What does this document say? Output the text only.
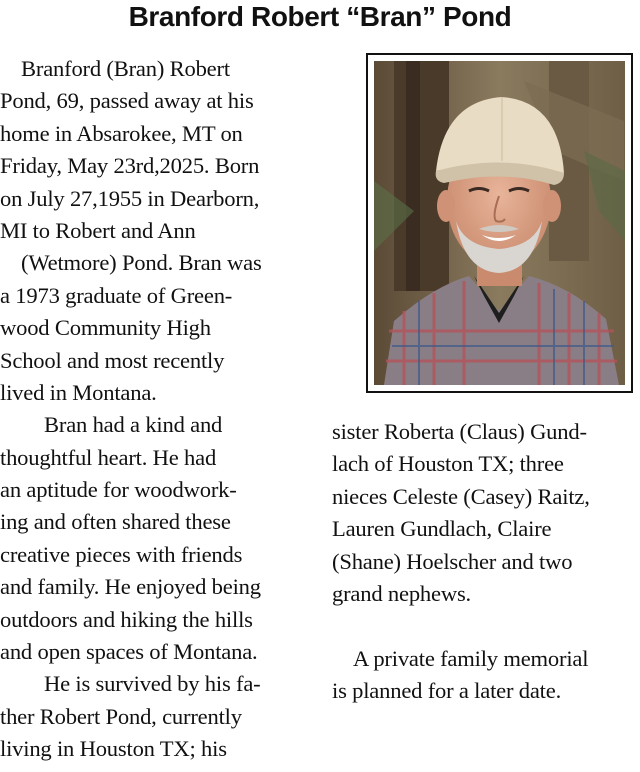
Branford Robert “Bran” Pond
Branford (Bran) Robert
Pond, 69, passed away at his
home in Absarokee, MT on
Friday, May 23rd,2025. Born
on July 27,1955 in Dearborn,
MI to Robert and Ann
(Wetmore) Pond. Bran was
a 1973 graduate of Green-
wood Community High
School and most recently
lived in Montana.
Bran had a kind and
thoughtful heart. He had
an aptitude for woodwork-
ing and often shared these
creative pieces with friends
and family. He enjoyed being
outdoors and hiking the hills
and open spaces of Montana.
He is survived by his fa-
ther Robert Pond, currently
living in Houston TX; his
sister Roberta (Claus) Gund-
lach of Houston TX; three
nieces Celeste (Casey) Raitz,
Lauren Gundlach, Claire
(Shane) Hoelscher and two
grand nephews.
A private family memorial
is planned for a later date.
